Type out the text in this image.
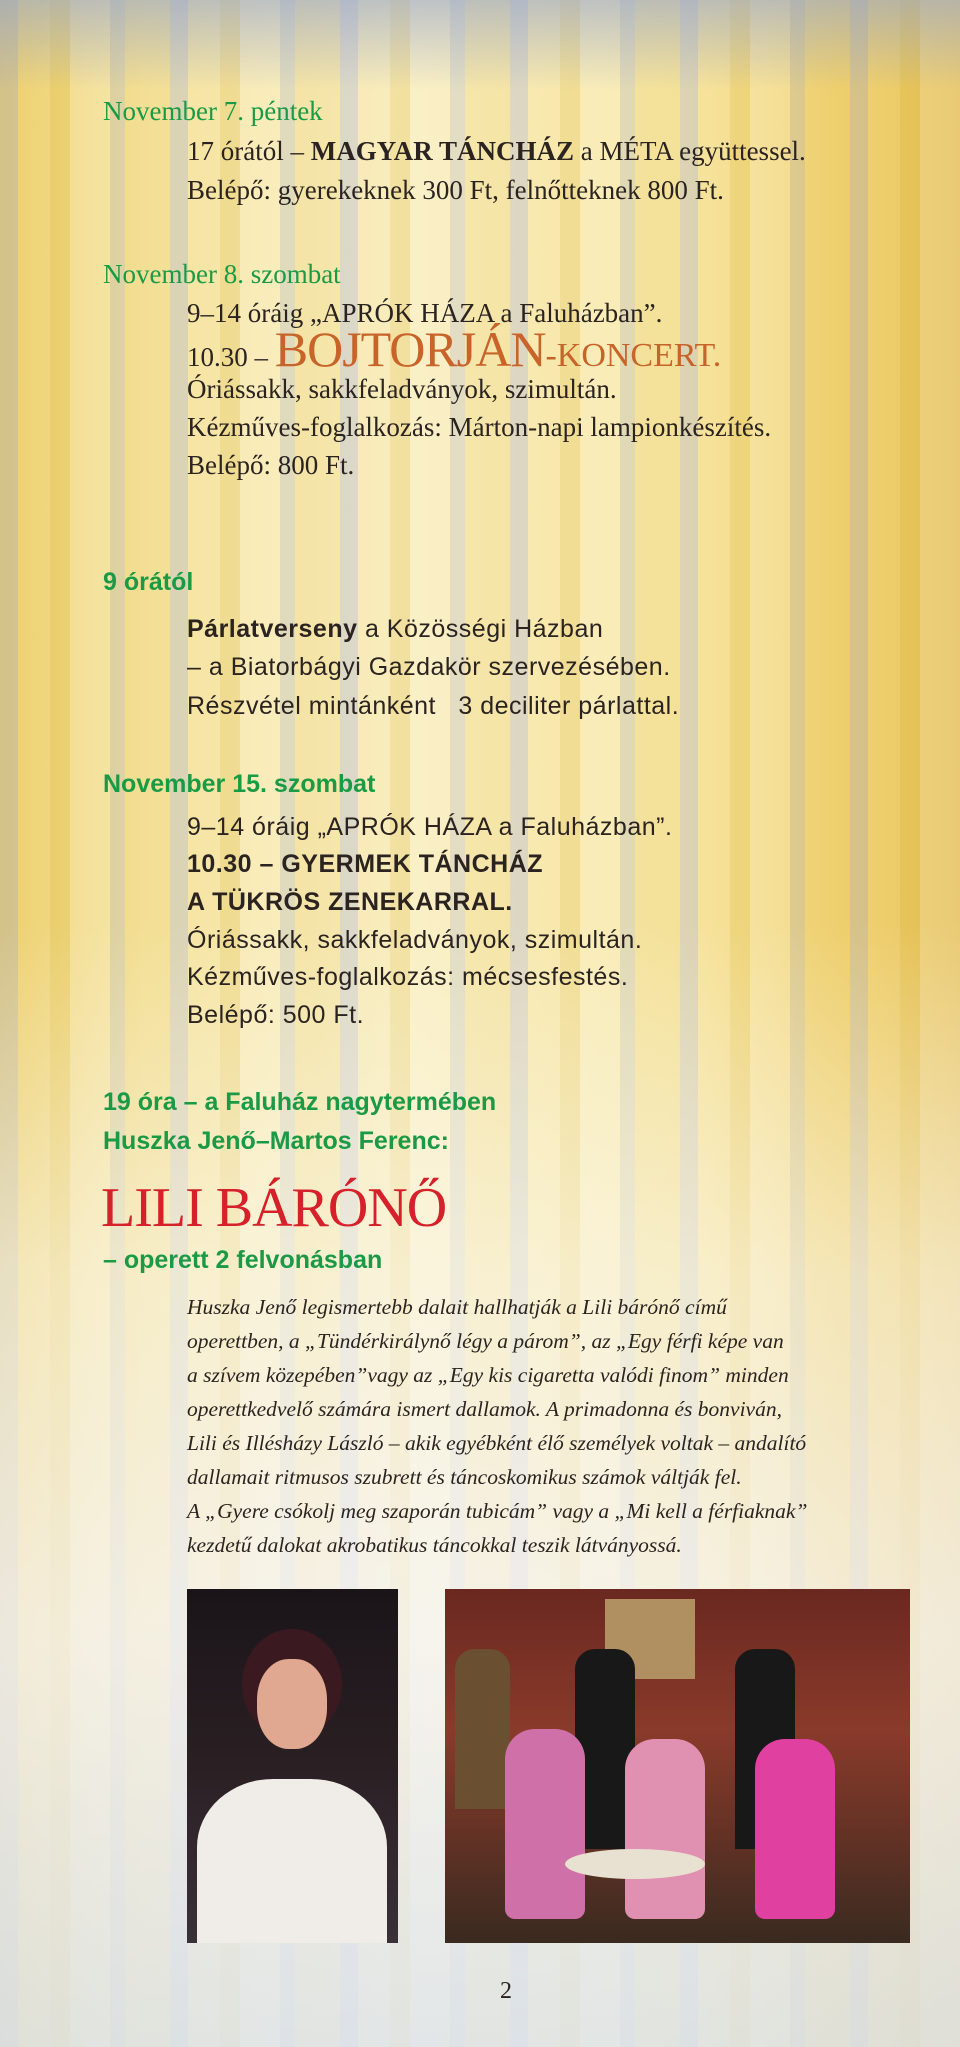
November 7. péntek
17 órától – MAGYAR TÁNCHÁZ a MÉTA együttessel.
Belépő: gyerekeknek 300 Ft, felnőtteknek 800 Ft.
November 8. szombat
9–14 óráig „APRÓK HÁZA a Faluházban”.
10.30 – BOJTORJÁN-KONCERT.
Óriássakk, sakkfeladványok, szimultán.
Kézműves-foglalkozás: Márton-napi lampionkészítés.
Belépő: 800 Ft.
9 órától
Párlatverseny a Közösségi Házban
– a Biatorbágyi Gazdakör szervezésében.
Részvétel mintánként   3 deciliter párlattal.
November 15. szombat
9–14 óráig „APRÓK HÁZA a Faluházban”.
10.30 – GYERMEK TÁNCHÁZ
A TÜKRÖS ZENEKARRAL.
Óriássakk, sakkfeladványok, szimultán.
Kézműves-foglalkozás: mécsesfestés.
Belépő: 500 Ft.
19 óra – a Faluház nagytermében
Huszka Jenő–Martos Ferenc:
LILI BÁRÓNŐ
– operett 2 felvonásban
Huszka Jenő legismertebb dalait hallhatják a Lili bárónő című
operettben, a „Tündérkirálynő légy a párom”, az „Egy férfi képe van
a szívem közepében”vagy az „Egy kis cigaretta valódi finom” minden
operettkedvelő számára ismert dallamok. A primadonna és bonviván,
Lili és Illésházy László – akik egyébként élő személyek voltak – andalító
dallamait ritmusos szubrett és táncoskomikus számok váltják fel.
A „Gyere csókolj meg szaporán tubicám” vagy a „Mi kell a férfiaknak”
kezdetű dalokat akrobatikus táncokkal teszik látványossá.
2
